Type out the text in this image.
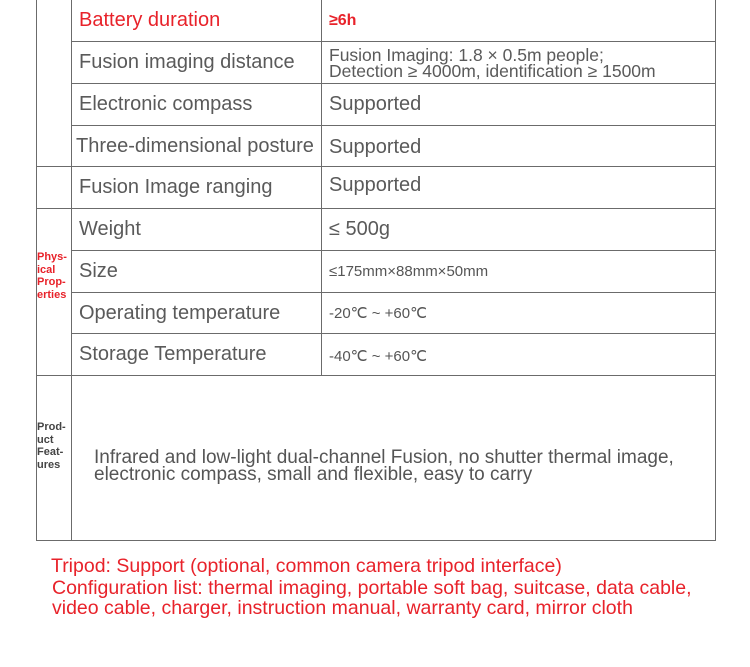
Battery duration	≥6h
Fusion imaging distance	Fusion Imaging: 1.8 × 0.5m people;
Detection ≥ 4000m, identification ≥ 1500m
Electronic compass	Supported
Three-dimensional posture Supported
Fusion Image ranging	Supported
Weight	≤ 500g
Size	≤175mm×88mm×50mm
Operating temperature	-20℃ ~ +60℃
Storage Temperature	-40℃ ~ +60℃
Phys-
ical
Prop-
erties
Prod-
uct
Feat-
ures	Infrared and low-light dual-channel Fusion, no shutter thermal image, electronic compass, small and flexible, easy to carry
Tripod: Support (optional, common camera tripod interface)
Configuration list: thermal imaging, portable soft bag, suitcase, data cable, video cable, charger, instruction manual, warranty card, mirror cloth
